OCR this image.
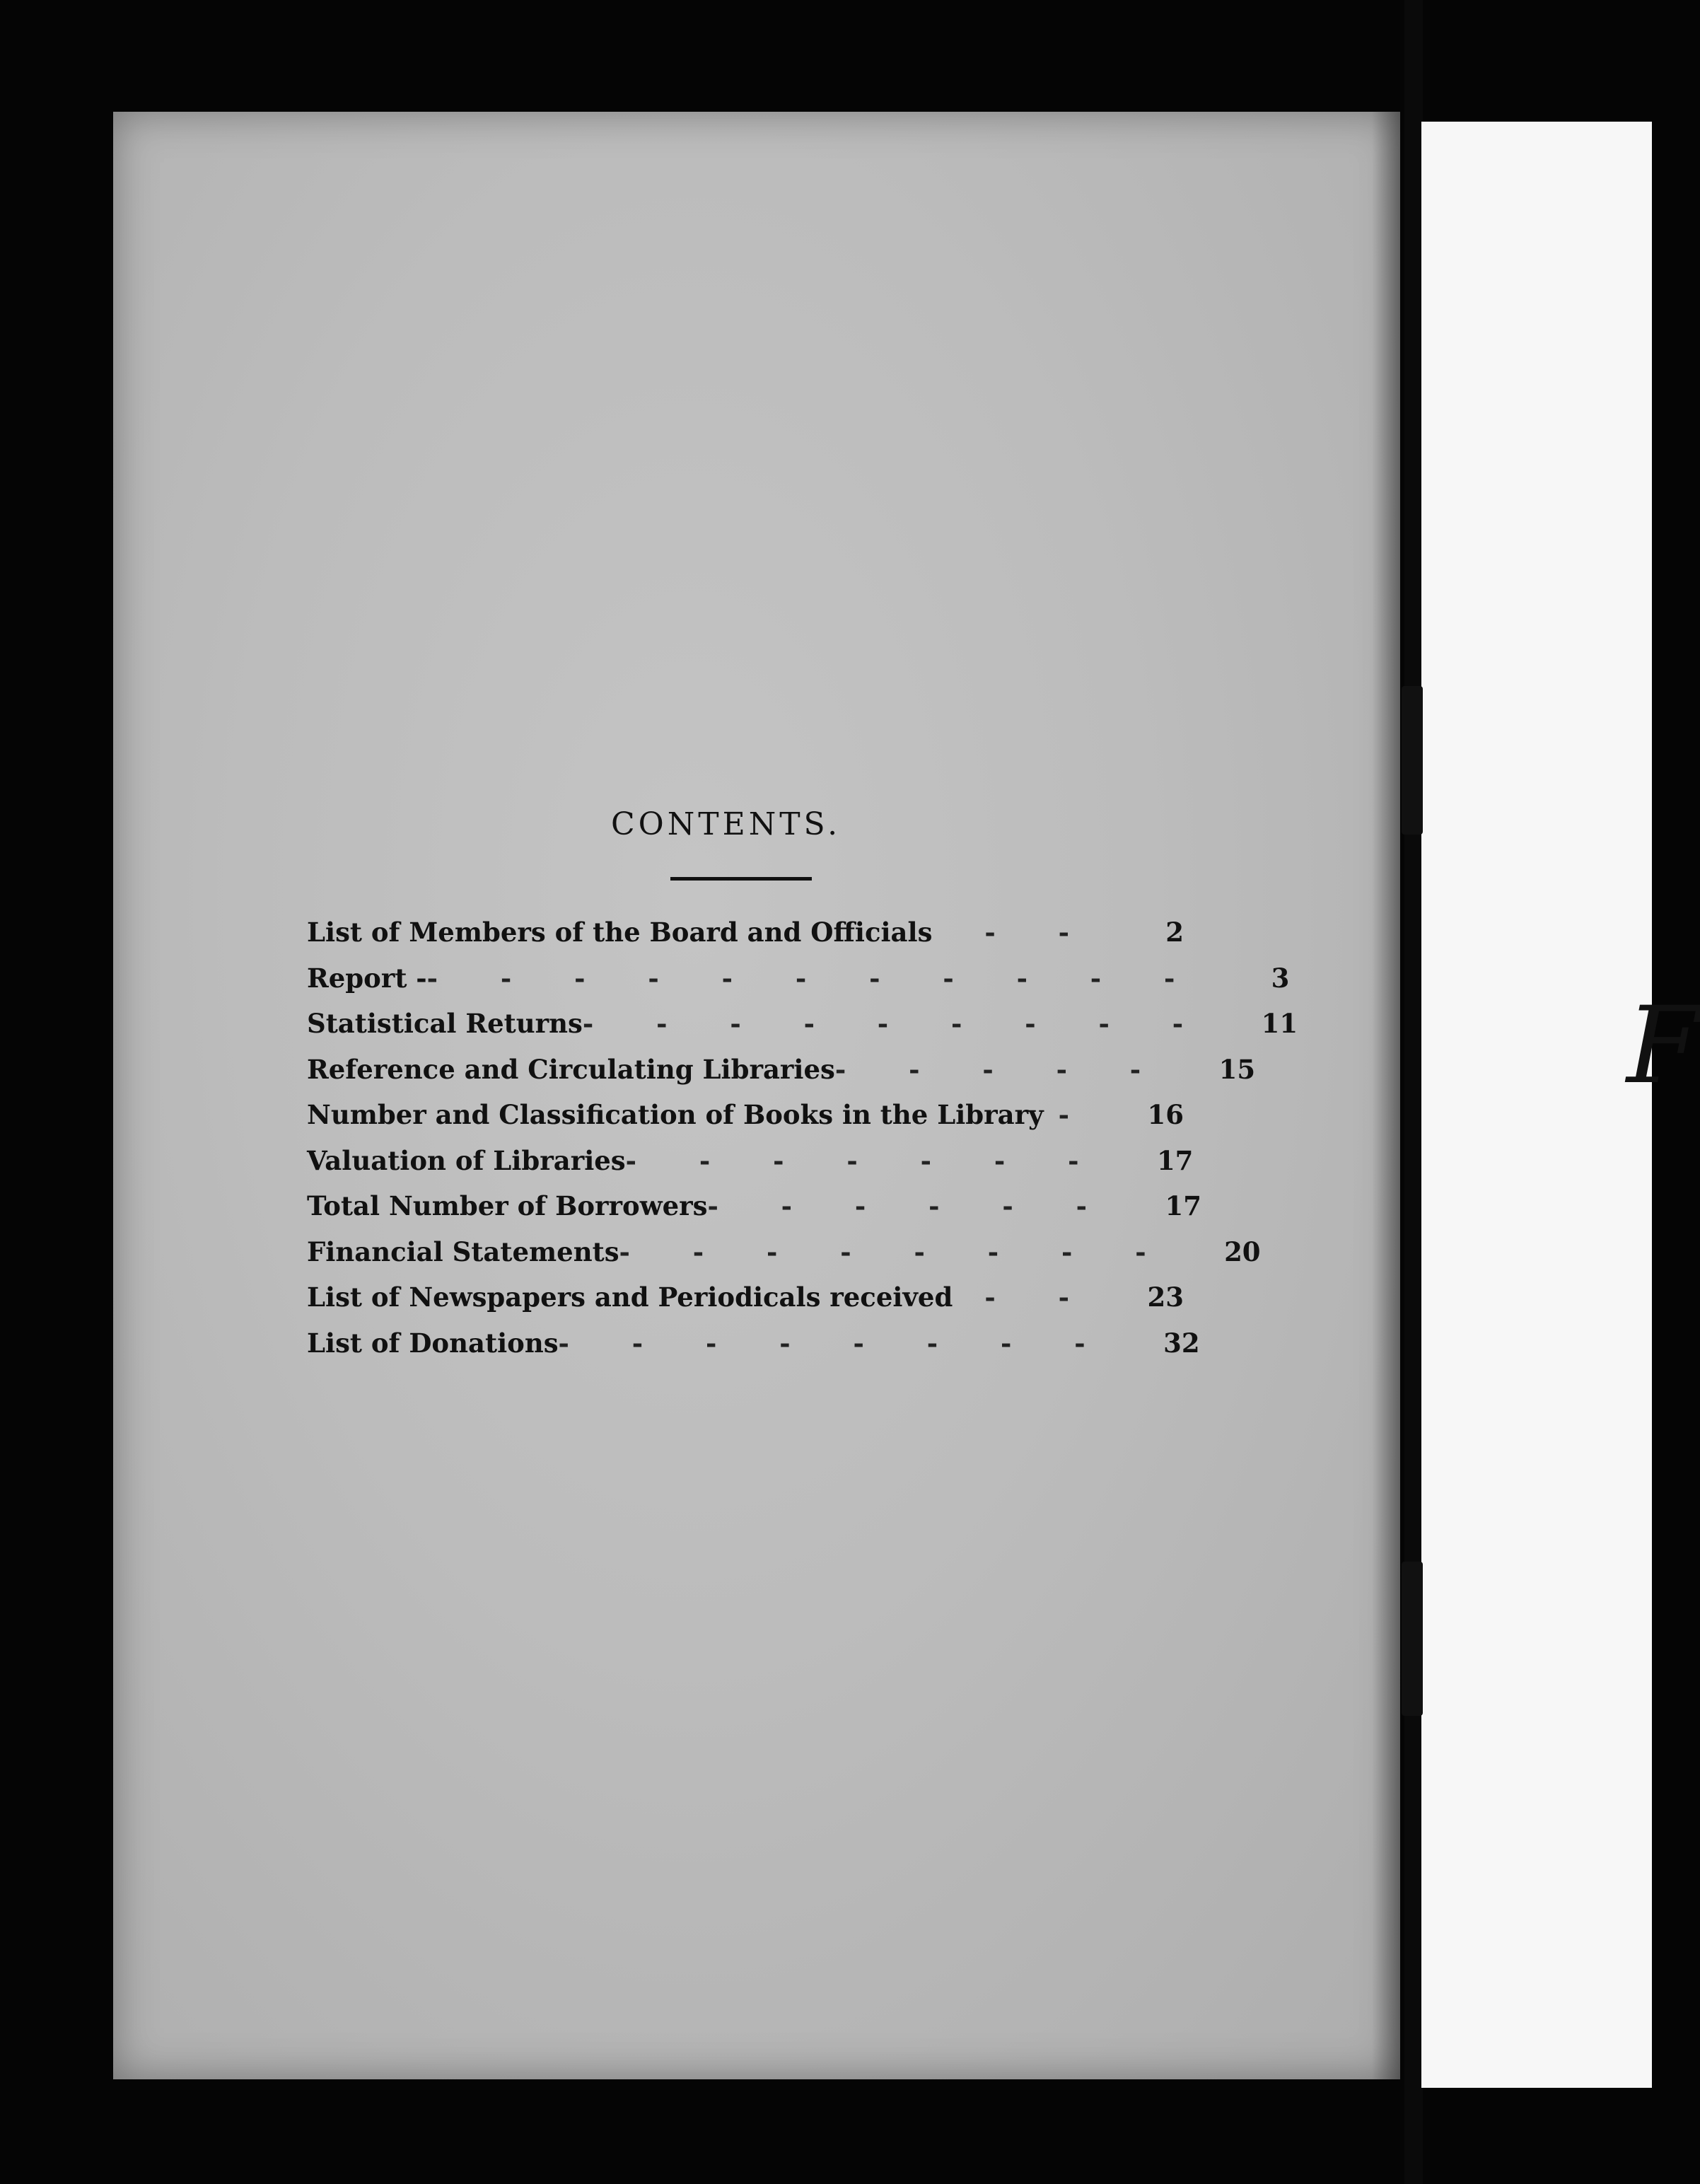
F
CONTENTS.
List of Members of the Board and Officials	- -	2
Report - - - - - - - - - - - -	3
Statistical Returns - - - - - - - - -	11
Reference and Circulating Libraries - - - - -	15
Number and Classification of Books in the Library -	16
Valuation of Libraries - - - - - - -	17
Total Number of Borrowers - - - - - -	17
Financial Statements - - - - - - - -	20
List of Newspapers and Periodicals received	- -	23
List of Donations - - - - - - - -	32
